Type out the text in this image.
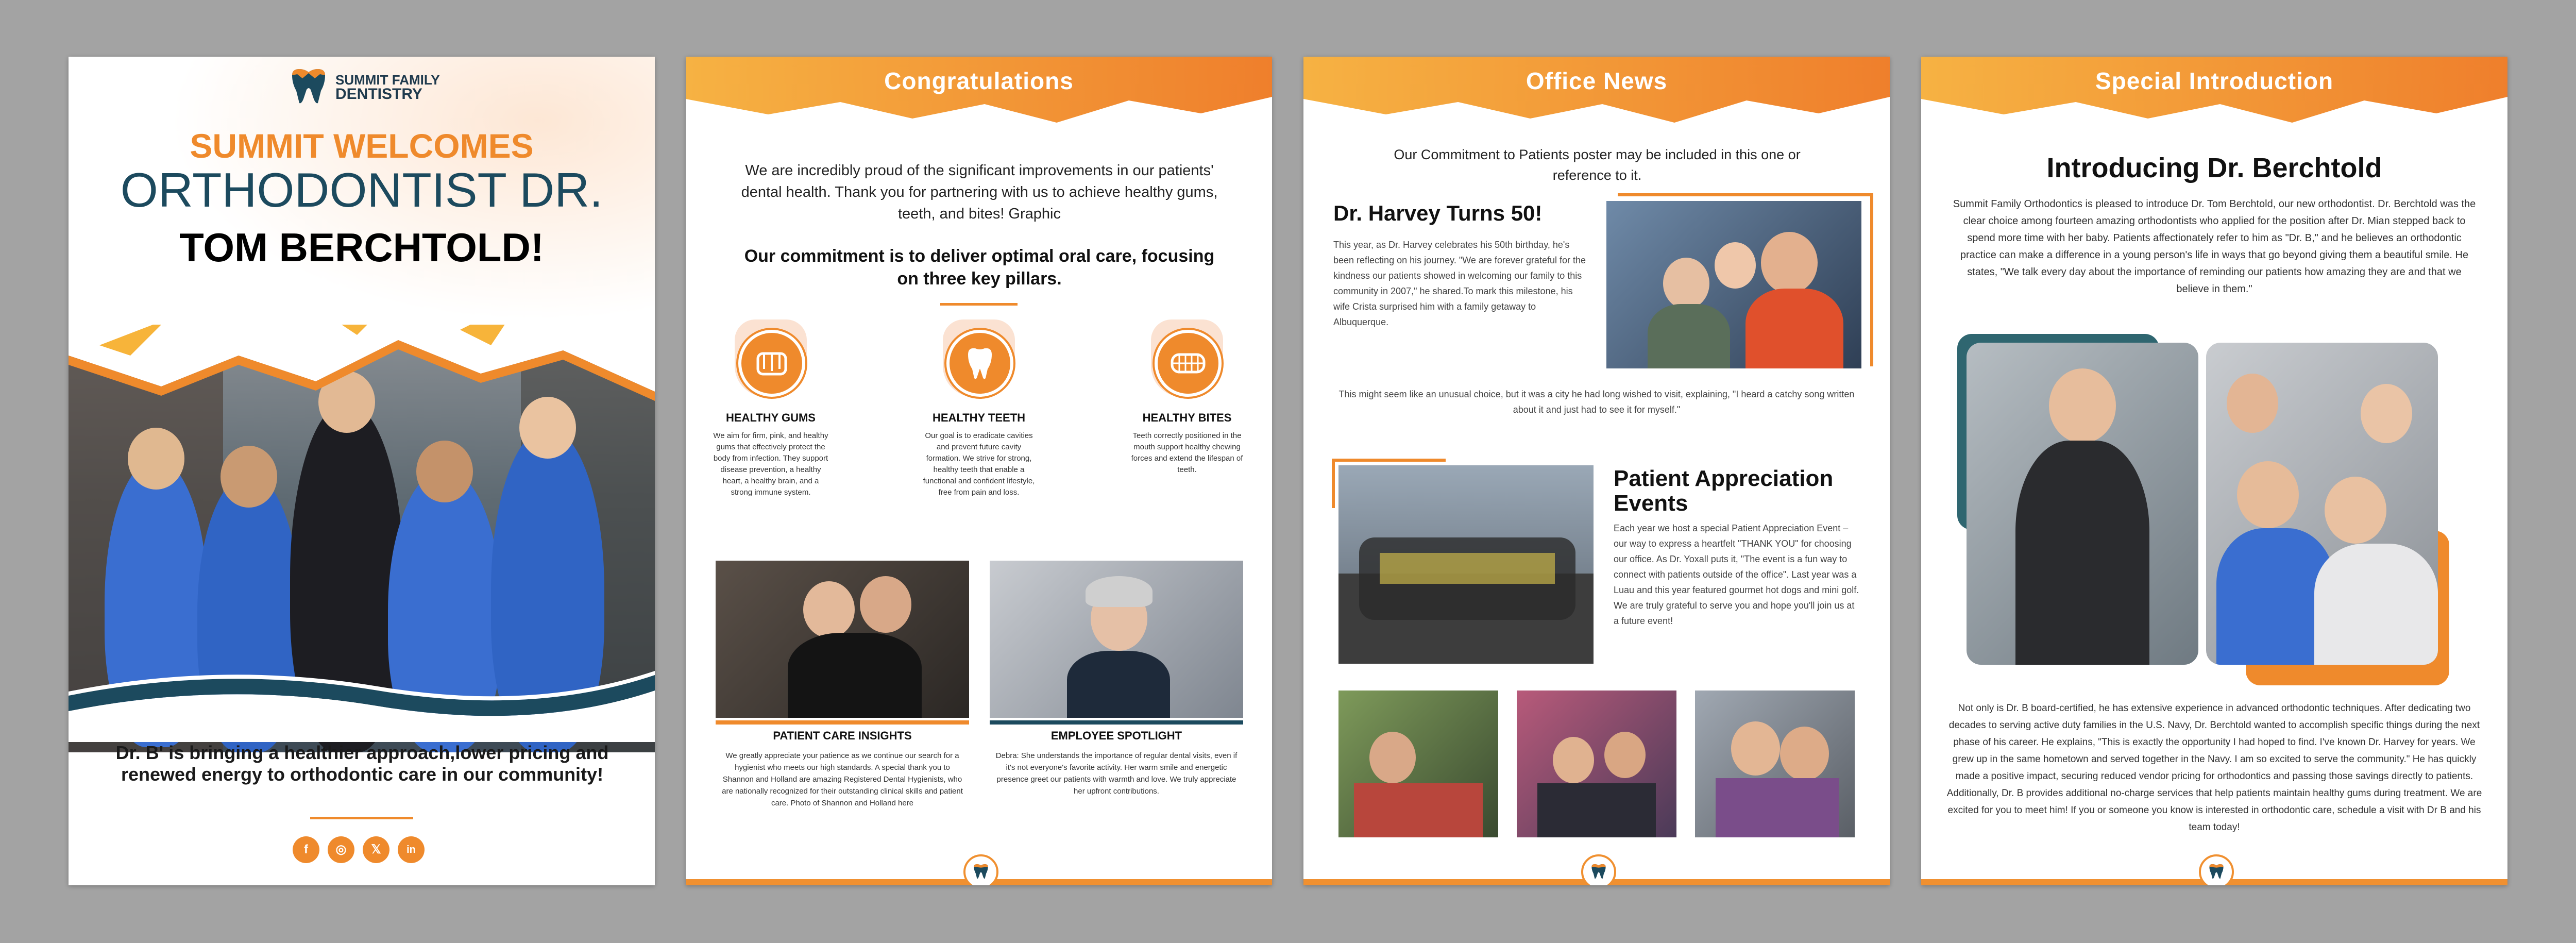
SUMMIT FAMILY
DENTISTRY
SUMMIT WELCOMES
ORTHODONTIST DR.
TOM BERCHTOLD!
Dr. B' is bringing a healthier approach,lower pricing and renewed energy to orthodontic care in our community!
f	◎	𝕏	in
Congratulations
We are incredibly proud of the significant improvements in our patients' dental health. Thank you for partnering with us to achieve healthy gums, teeth, and bites! Graphic
Our commitment is to deliver optimal oral care, focusing on three key pillars.
HEALTHY GUMS
We aim for firm, pink, and healthy gums that effectively protect the body from infection. They support disease prevention, a healthy heart, a healthy brain, and a strong immune system.
HEALTHY TEETH
Our goal is to eradicate cavities and prevent future cavity formation. We strive for strong, healthy teeth that enable a functional and confident lifestyle, free from pain and loss.
HEALTHY BITES
Teeth correctly positioned in the mouth support healthy chewing forces and extend the lifespan of teeth.
PATIENT CARE INSIGHTS
We greatly appreciate your patience as we continue our search for a hygienist who meets our high standards. A special thank you to Shannon and Holland are amazing Registered Dental Hygienists, who are nationally recognized for their outstanding clinical skills and patient care. Photo of Shannon and Holland here
EMPLOYEE SPOTLIGHT
Debra: She understands the importance of regular dental visits, even if it's not everyone's favorite activity. Her warm smile and energetic presence greet our patients with warmth and love. We truly appreciate her upfront contributions.
Office News
Our Commitment to Patients poster may be included in this one or reference to it.
Dr. Harvey Turns 50!
This year, as Dr. Harvey celebrates his 50th birthday, he's been reflecting on his journey. "We are forever grateful for the kindness our patients showed in welcoming our family to this community in 2007," he shared.To mark this milestone, his wife Crista surprised him with a family getaway to Albuquerque.
This might seem like an unusual choice, but it was a city he had long wished to visit, explaining, "I heard a catchy song written about it and just had to see it for myself."
Patient Appreciation Events
Each year we host a special Patient Appreciation Event – our way to express a heartfelt "THANK YOU" for choosing our office. As Dr. Yoxall puts it, "The event is a fun way to connect with patients outside of the office". Last year was a Luau and this year featured gourmet hot dogs and mini golf. We are truly grateful to serve you and hope you'll join us at a future event!
Special Introduction
Introducing Dr. Berchtold
Summit Family Orthodontics is pleased to introduce Dr. Tom Berchtold, our new orthodontist. Dr. Berchtold was the clear choice among fourteen amazing orthodontists who applied for the position after Dr. Mian stepped back to spend more time with her baby. Patients affectionately refer to him as "Dr. B," and he believes an orthodontic practice can make a difference in a young person's life in ways that go beyond giving them a beautiful smile. He states, "We talk every day about the importance of reminding our patients how amazing they are and that we believe in them."
Not only is Dr. B board-certified, he has extensive experience in advanced orthodontic techniques. After dedicating two decades to serving active duty families in the U.S. Navy, Dr. Berchtold wanted to accomplish specific things during the next phase of his career. He explains, "This is exactly the opportunity I had hoped to find. I've known Dr. Harvey for years. We grew up in the same hometown and served together in the Navy. I am so excited to serve the community." He has quickly made a positive impact, securing reduced vendor pricing for orthodontics and passing those savings directly to patients. Additionally, Dr. B provides additional no-charge services that help patients maintain healthy gums during treatment. We are excited for you to meet him! If you or someone you know is interested in orthodontic care, schedule a visit with Dr B and his team today!
